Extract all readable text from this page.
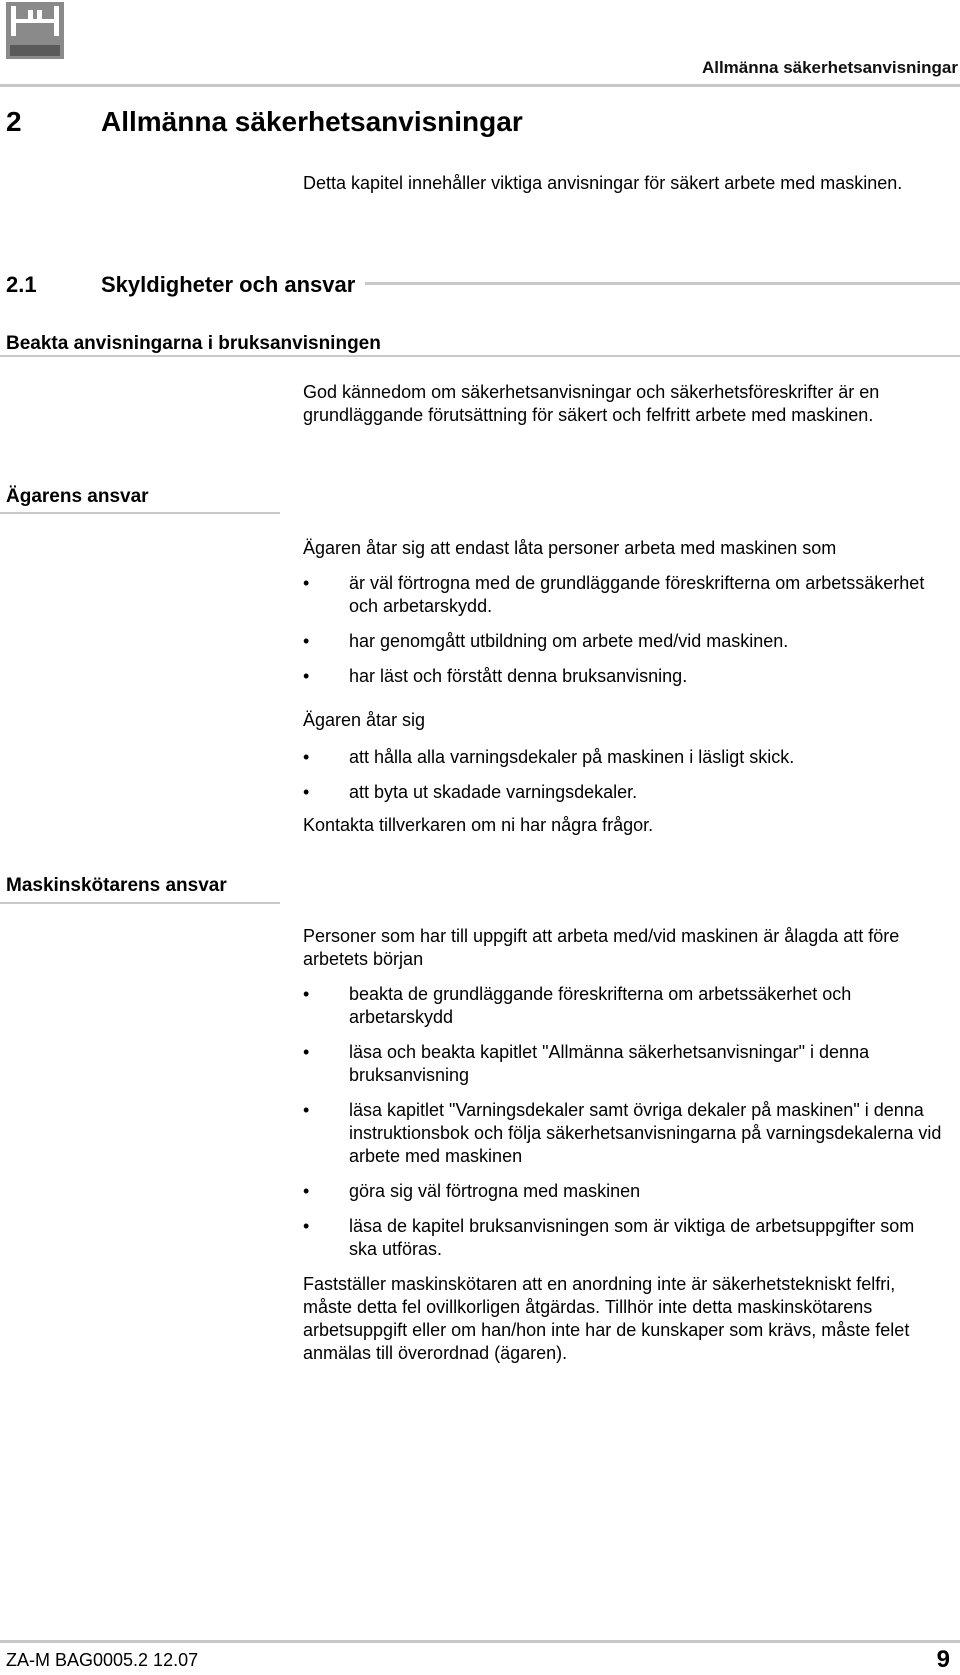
Allmänna säkerhetsanvisningar
2	Allmänna säkerhetsanvisningar
Detta kapitel innehåller viktiga anvisningar för säkert arbete med maskinen.
2.1	Skyldigheter och ansvar
Beakta anvisningarna i bruksanvisningen
God kännedom om säkerhetsanvisningar och säkerhetsföreskrifter är en grundläggande förutsättning för säkert och felfritt arbete med maskinen.
Ägarens ansvar

Ägaren åtar sig att endast låta personer arbeta med maskinen som

• är väl förtrogna med de grundläggande föreskrifterna om arbetssäkerhet och arbetarskydd.
• har genomgått utbildning om arbete med/vid maskinen.
• har läst och förstått denna bruksanvisning.

Ägaren åtar sig

• att hålla alla varningsdekaler på maskinen i läsligt skick.
• att byta ut skadade varningsdekaler.

Kontakta tillverkaren om ni har några frågor.

Maskinskötarens ansvar

Personer som har till uppgift att arbeta med/vid maskinen är ålagda att före arbetets början

• beakta de grundläggande föreskrifterna om arbetssäkerhet och arbetarskydd
• läsa och beakta kapitlet "Allmänna säkerhetsanvisningar" i denna bruksanvisning
• läsa kapitlet "Varningsdekaler samt övriga dekaler på maskinen" i denna instruktionsbok och följa säkerhetsanvisningarna på varningsdekalerna vid arbete med maskinen
• göra sig väl förtrogna med maskinen
• läsa de kapitel bruksanvisningen som är viktiga de arbetsuppgifter som ska utföras.

Fastställer maskinskötaren att en anordning inte är säkerhetstekniskt felfri, måste detta fel ovillkorligen åtgärdas. Tillhör inte detta maskinskötarens arbetsuppgift eller om han/hon inte har de kunskaper som krävs, måste felet anmälas till överordnad (ägaren).

ZA-M BAG0005.2 12.07	9
